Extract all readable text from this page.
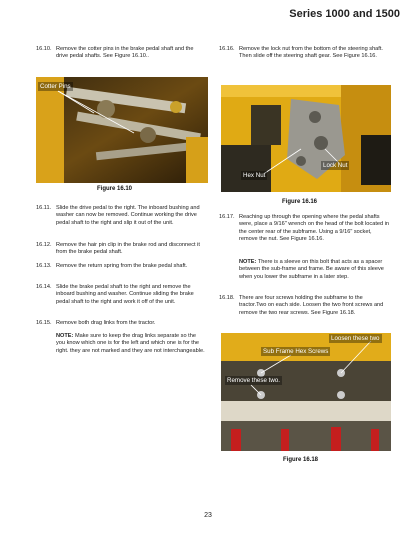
Series 1000 and 1500
16.10. Remove the cotter pins in the brake pedal shaft and the drive pedal shafts. See Figure 16.10..
Cotter Pins
Figure 16.10
16.11. Slide the drive pedal to the right. The inboard bushing and washer can now be removed. Continue working the drive pedal shaft to the right and slip it out of the unit.
16.12. Remove the hair pin clip in the brake rod and disconnect it from the brake pedal shaft.
16.13. Remove the return spring from the brake pedal shaft.
16.14. Slide the brake pedal shaft to the right and remove the inboard bushing and washer. Continue sliding the brake pedal shaft to the right and work it off of the unit.
16.15. Remove both drag links from the tractor.
NOTE: Make sure to keep the drag links separate so the you know which one is for the left and which one is for the right. they are not marked and they are not interchangeable.
16.16. Remove the lock nut from the bottom of the steering shaft. Then slide off the steering shaft gear. See Figure 16.16.
Hex Nut
Lock Nut
Figure 16.16
16.17. Reaching up through the opening where the pedal shafts were, place a 9/16" wrench on the head of the bolt located in the center rear of the subframe. Using a 9/16" socket, remove the nut. See Figure 16.16.
NOTE: There is a sleeve on this bolt that acts as a spacer between the sub-frame and frame. Be aware of this sleeve when you lower the subframe in a later step.
16.18. There are four screws holding the subframe to the tractor.Two on each side. Loosen the two front screws and remove the two rear screws. See Figure 16.18.
Loosen these two
Sub Frame Hex Screws
Remove these two.
Figure 16.18
23
